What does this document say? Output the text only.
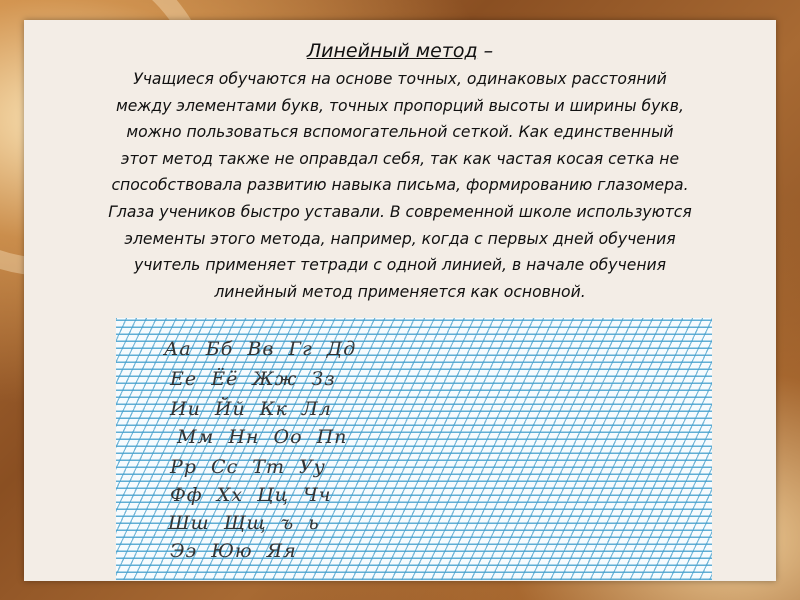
Линейный метод –
Учащиеся обучаются на основе точных, одинаковых расстояний
между элементами букв, точных пропорций высоты и ширины букв,
можно пользоваться вспомогательной сеткой. Как единственный
этот метод также не оправдал себя, так как частая косая сетка не
способствовала развитию навыка письма, формированию глазомера.
Глаза учеников быстро уставали. В современной школе используются
элементы этого метода, например, когда с первых дней обучения
учитель применяет тетради с одной линией, в начале обучения
линейный метод применяется как основной.
Аа  Бб  Вв  Гг  Дд
Ее  Ёё  Жж  Зз
Ии  Йй  Кк  Лл
Мм  Нн  Оо  Пп
Рр  Сс  Тт  Уу
Фф  Хх  Цц  Чч
Шш  Щщ  ъ  ь
Ээ  Юю  Яя
